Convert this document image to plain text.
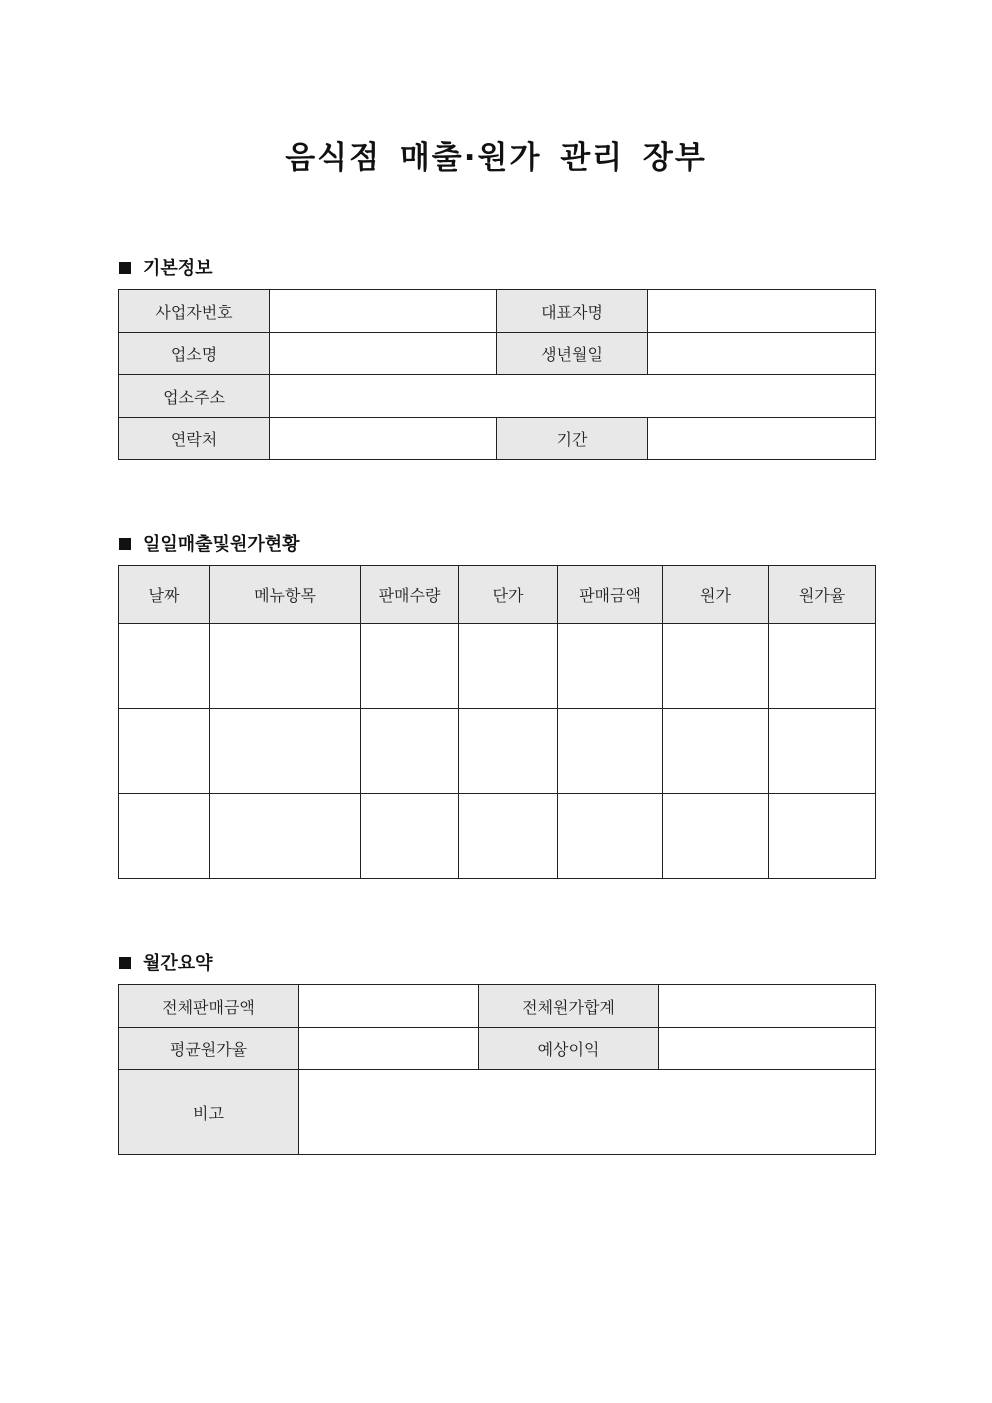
음식점 매출·원가 관리 장부
기본정보
사업자번호		대표자명	
업소명		생년월일	
업소주소			
연락처		기간	
일일매출및원가현황
날짜	메뉴항목	판매수량	단가	판매금액	원가	원가율

월간요약
전체판매금액		전체원가합계	
평균원가율		예상이익	
비고			
